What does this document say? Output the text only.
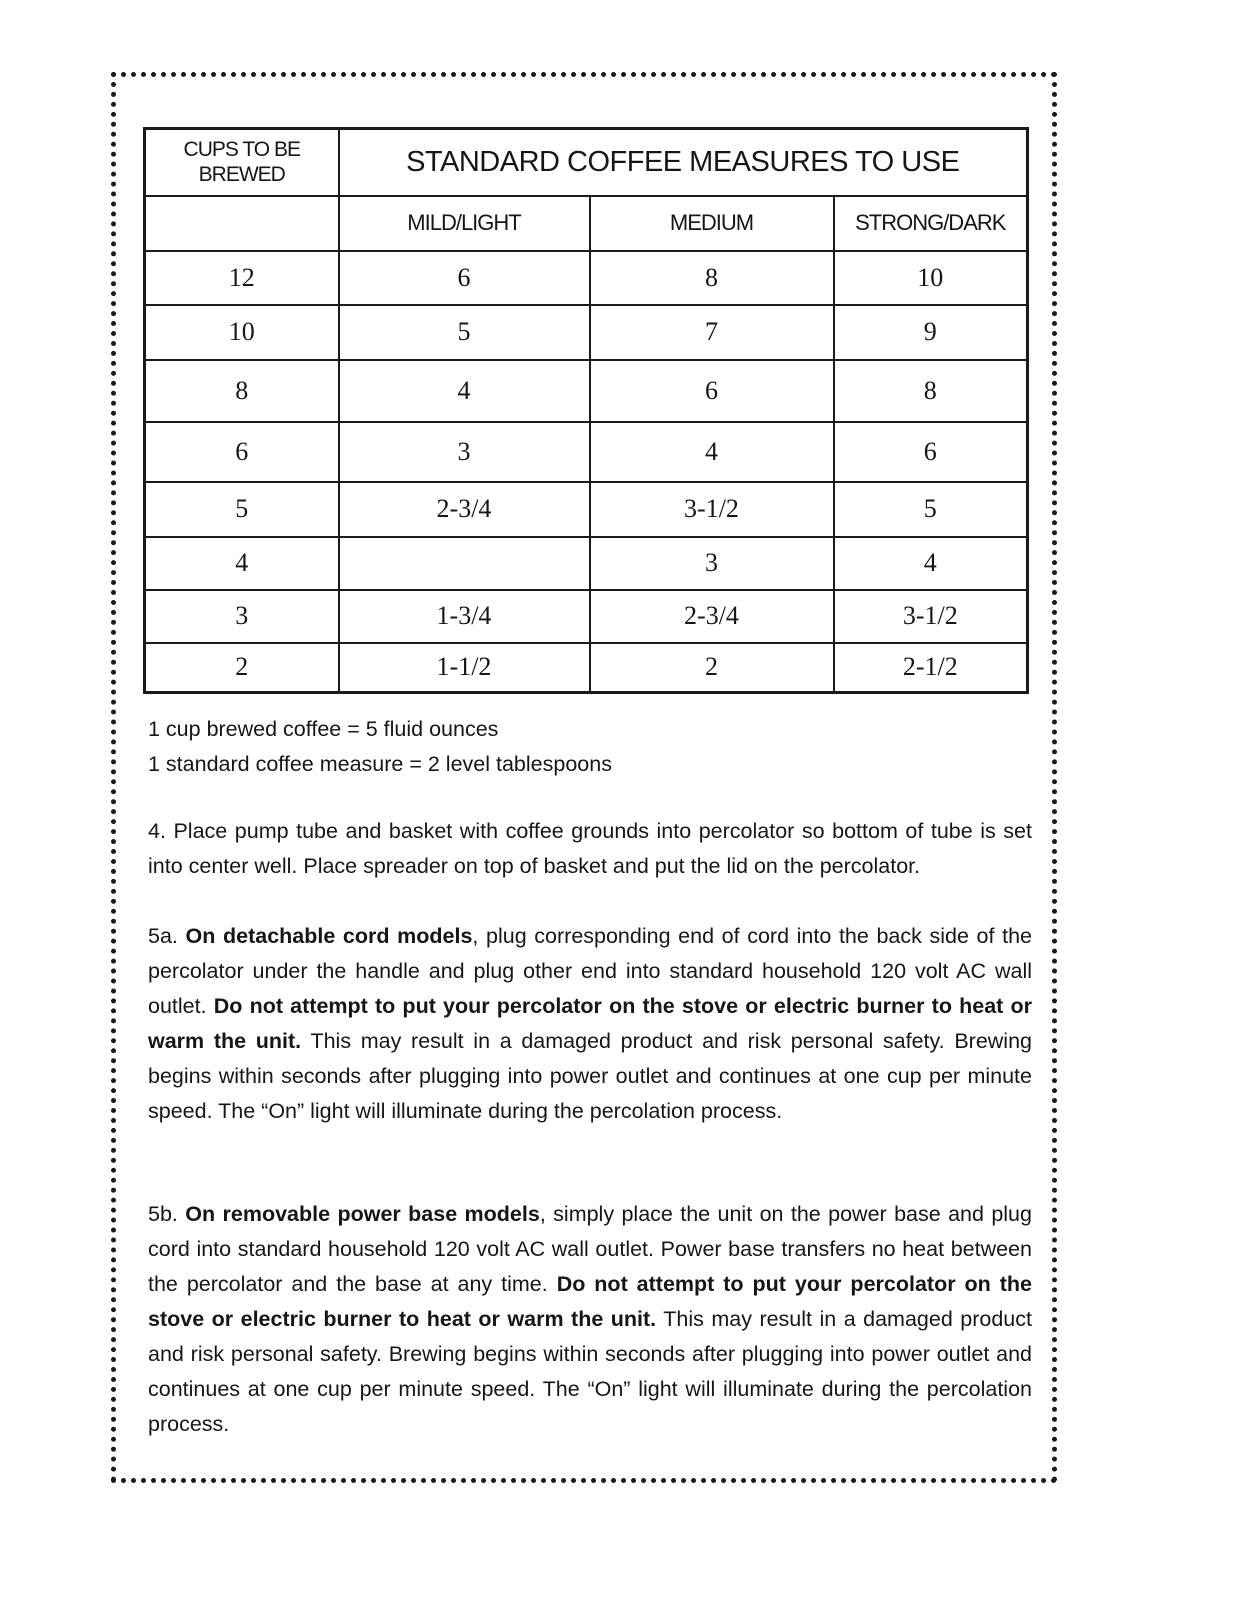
CUPS TO BE BREWED	STANDARD COFFEE MEASURES TO USE		
	MILD/LIGHT	MEDIUM	STRONG/DARK
12	6	8	10
10	5	7	9
8	4	6	8
6	3	4	6
5	2-3/4	3-1/2	5
4		3	4
3	1-3/4	2-3/4	3-1/2
2	1-1/2	2	2-1/2
1 cup brewed coffee = 5 fluid ounces
1 standard coffee measure = 2 level tablespoons
4. Place pump tube and basket with coffee grounds into percolator so bottom of tube is set into center well. Place spreader on top of basket and put the lid on the percolator.
5a. On detachable cord models, plug corresponding end of cord into the back side of the percolator under the handle and plug other end into standard household 120 volt AC wall outlet. Do not attempt to put your percolator on the stove or electric burner to heat or warm the unit. This may result in a damaged product and risk personal safety. Brewing begins within seconds after plugging into power outlet and continues at one cup per minute speed. The “On” light will illuminate during the percolation process.
5b. On removable power base models, simply place the unit on the power base and plug cord into standard household 120 volt AC wall outlet. Power base transfers no heat between the percolator and the base at any time. Do not attempt to put your percolator on the stove or electric burner to heat or warm the unit. This may result in a damaged product and risk personal safety. Brewing begins within seconds after plugging into power outlet and continues at one cup per minute speed. The “On” light will illuminate during the percolation process.
